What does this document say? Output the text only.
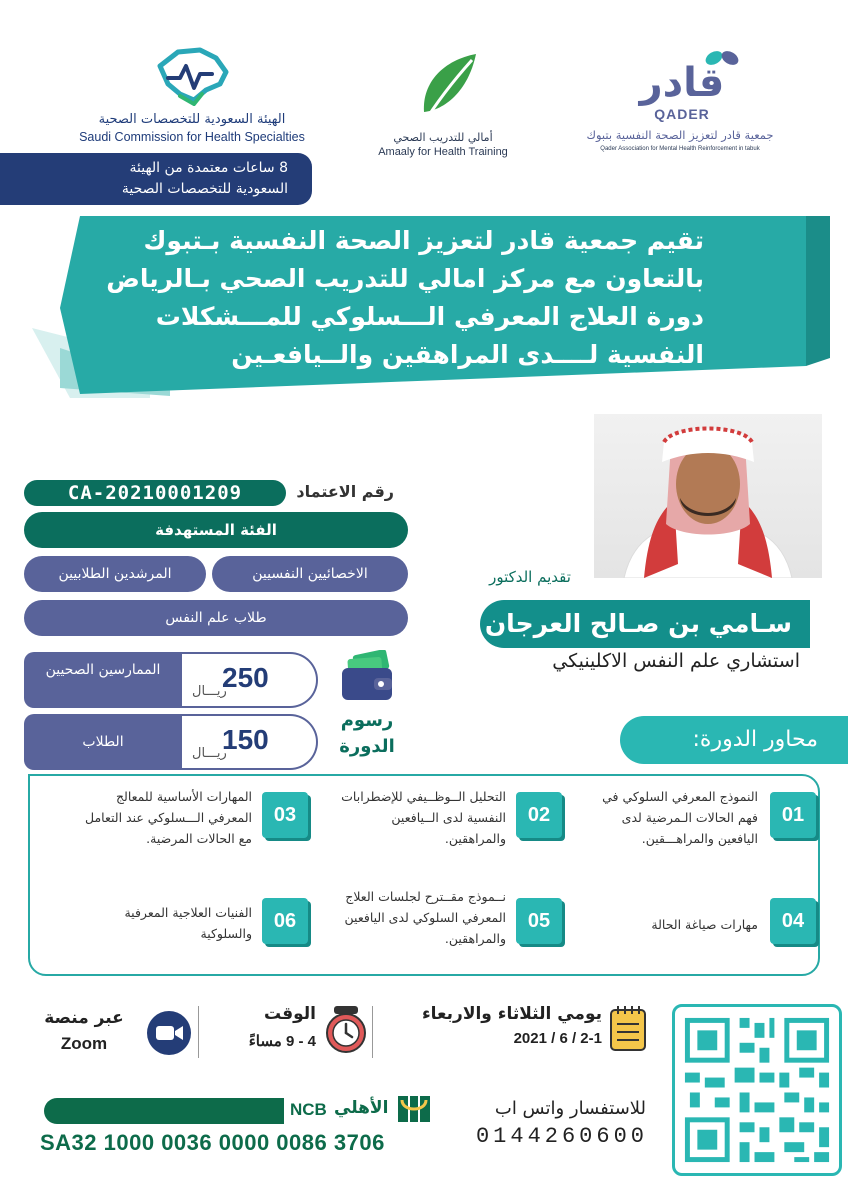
الهيئة السعودية للتخصصات الصحية
Saudi Commission for Health Specialties	أمالي للتدريب الصحي
Amaaly for Health Training
قادر
QADER
جمعية قادر لتعزيز الصحة النفسية بتبوك
Qader Association for Mental Health Reinforcement in tabuk
8 ساعات معتمدة من الهيئة
السعودية للتخصصات الصحية
تقيم جمعية قادر لتعزيز الصحة النفسية بـتبوك
بالتعاون مع مركز امالي للتدريب الصحي بـالرياض
دورة العلاج المعرفي الـــسلوكي للمـــشكلات
النفسية لــــدى المراهقين والــيافعـين
رقم الاعتماد
CA-20210001209
الفئة المستهدفة
الاخصائيين النفسيين
المرشدين الطلابيين
طلاب علم النفس
الممارسين الصحيين
ريـــال
250
الطلاب
ريـــال
150
رسوم
الدورة
تقديم الدكتور
سـامي بن صـالح العرجان
استشاري علم النفس الاكلينيكي
محاور الدورة:
01
النموذج المعرفي السلوكي في فهم الحالات الـمرضية لدى اليافعين والمراهـــقين.
02
التحليل الــوظــيفي للإضطرابات النفسية لدى الــيافعين والمراهقين.
03
المهارات الأساسية للمعالج المعرفي الـــسلوكي عند التعامل مع الحالات المرضية.
04
مهارات صياغة الحالة
05
نــموذج مقــترح لجلسات العلاج المعرفي السلوكي لدى اليافعين والمراهقين.
06
الفنيات العلاجية المعرفية والسلوكية
يومي الثلاثاء والاربعاء
2021 / 6 / 2-1
الوقت
4 - 9 مساءً
عبر منصة
Zoom
NCB الأهلي
SA32 1000 0036 0000 0086 3706
للاستفسار واتس اب
0144260600
